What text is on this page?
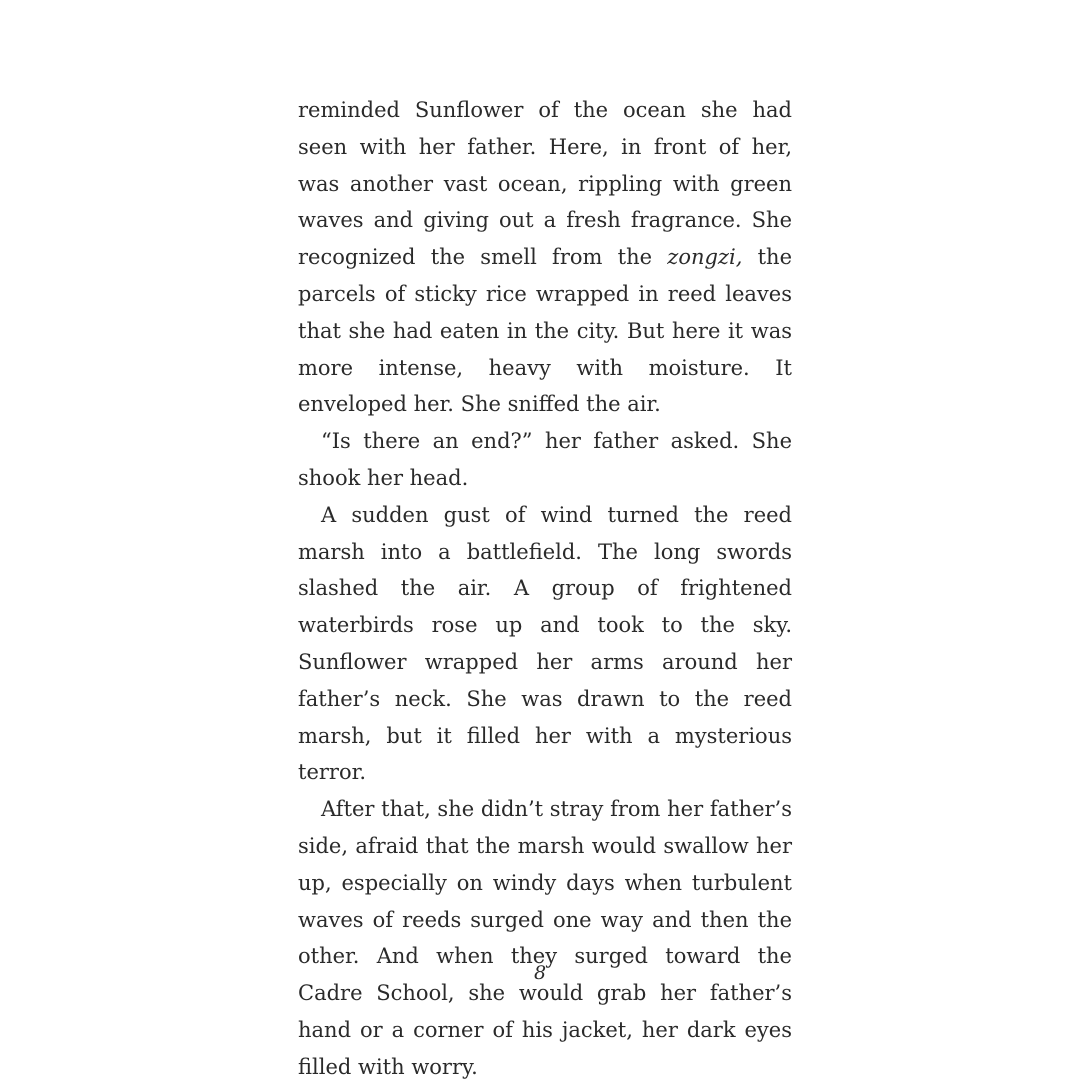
reminded Sunflower of the ocean she had seen with her father. Here, in front of her, was another vast ocean, rippling with green waves and giving out a fresh fragrance. She recognized the smell from the zongzi, the parcels of sticky rice wrapped in reed leaves that she had eaten in the city. But here it was more intense, heavy with moisture. It enveloped her. She sniffed the air.

“Is there an end?” her father asked. She shook her head.

A sudden gust of wind turned the reed marsh into a battlefield. The long swords slashed the air. A group of frightened waterbirds rose up and took to the sky. Sunflower wrapped her arms around her father’s neck. She was drawn to the reed marsh, but it filled her with a mysterious terror.

After that, she didn’t stray from her father’s side, afraid that the marsh would swallow her up, especially on windy days when turbulent waves of reeds surged one way and then the other. And when they surged toward the Cadre School, she would grab her father’s hand or a corner of his jacket, her dark eyes filled with worry.

8
